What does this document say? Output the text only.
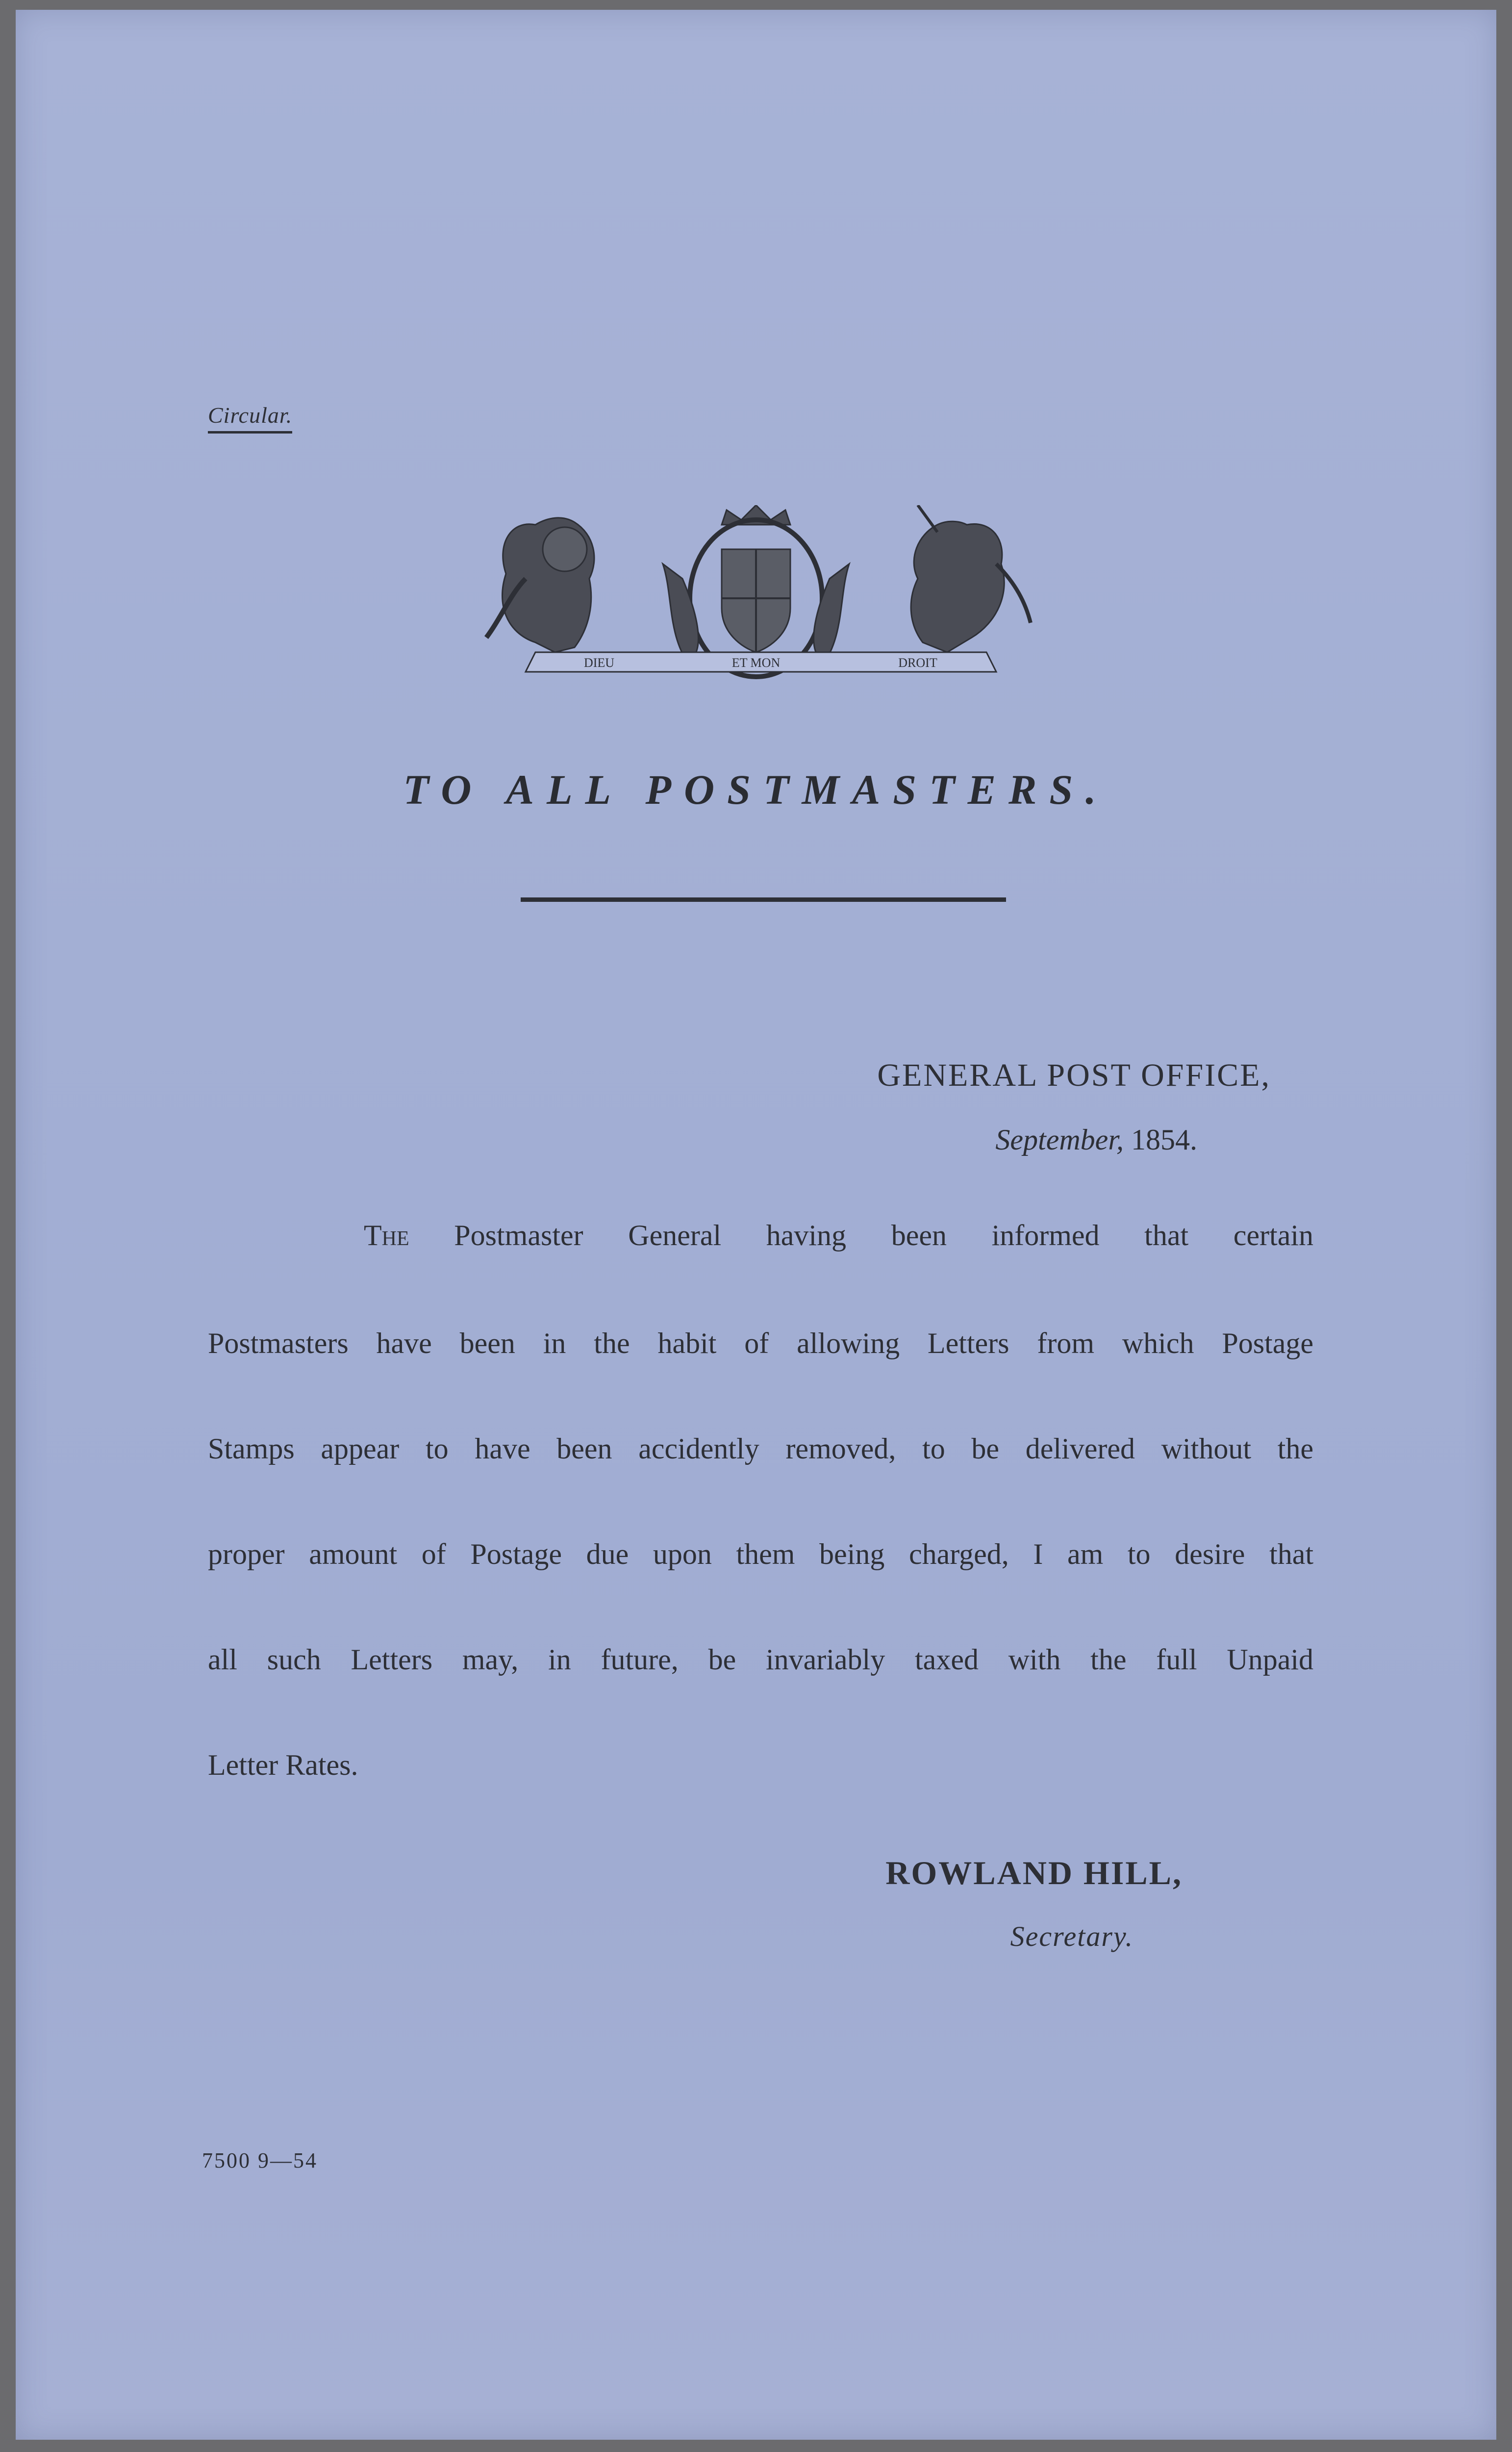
Circular.
DIEU	ET MON	DROIT
TO ALL POSTMASTERS.
GENERAL POST OFFICE,
September, 1854.
The Postmaster General having been informed that certain
Postmasters have been in the habit of allowing Letters from which Postage
Stamps appear to have been accidently removed, to be delivered without the
proper amount of Postage due upon them being charged, I am to desire that
all such Letters may, in future, be invariably taxed with the full Unpaid
Letter Rates.
ROWLAND HILL,
Secretary.
7500 9—54
